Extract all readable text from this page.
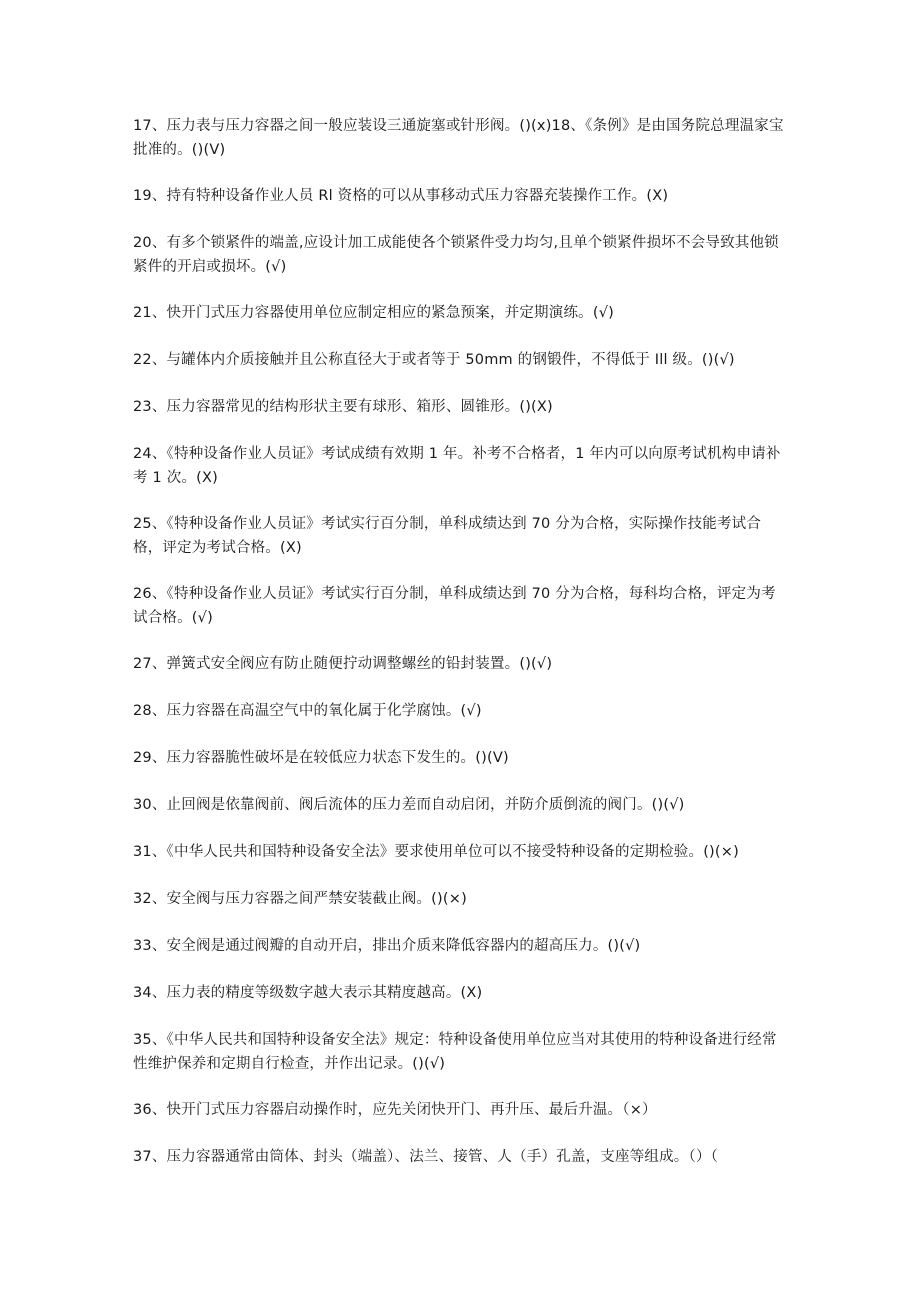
17、压力表与压力容器之间一般应装设三通旋塞或针形阀。()(x)18、《条例》是由国务院总理温家宝批准的。()(V)

19、持有特种设备作业人员 Rl 资格的可以从事移动式压力容器充装操作工作。(X)

20、有多个锁紧件的端盖,应设计加工成能使各个锁紧件受力均匀,且单个锁紧件损坏不会导致其他锁紧件的开启或损坏。(√)

21、快开门式压力容器使用单位应制定相应的紧急预案，并定期演练。(√)

22、与罐体内介质接触并且公称直径大于或者等于 50mm 的钢锻件，不得低于 Ill 级。()(√)

23、压力容器常见的结构形状主要有球形、箱形、圆锥形。()(X)

24、《特种设备作业人员证》考试成绩有效期 1 年。补考不合格者，1 年内可以向原考试机构申请补考 1 次。(X)

25、《特种设备作业人员证》考试实行百分制，单科成绩达到 70 分为合格，实际操作技能考试合格，评定为考试合格。(X)

26、《特种设备作业人员证》考试实行百分制，单科成绩达到 70 分为合格，每科均合格，评定为考试合格。(√)

27、弹簧式安全阀应有防止随便拧动调整螺丝的铅封装置。()(√)

28、压力容器在高温空气中的氧化属于化学腐蚀。(√)

29、压力容器脆性破坏是在较低应力状态下发生的。()(V)

30、止回阀是依靠阀前、阀后流体的压力差而自动启闭，并防介质倒流的阀门。()(√)

31、《中华人民共和国特种设备安全法》要求使用单位可以不接受特种设备的定期检验。()(×)

32、安全阀与压力容器之间严禁安装截止阀。()(×)

33、安全阀是通过阀瓣的自动开启，排出介质来降低容器内的超高压力。()(√)

34、压力表的精度等级数字越大表示其精度越高。(X)

35、《中华人民共和国特种设备安全法》规定：特种设备使用单位应当对其使用的特种设备进行经常性维护保养和定期自行检查，并作出记录。()(√)

36、快开门式压力容器启动操作时，应先关闭快开门、再升压、最后升温。（×）

37、压力容器通常由筒体、封头（端盖）、法兰、接管、人（手）孔盖，支座等组成。（）（
